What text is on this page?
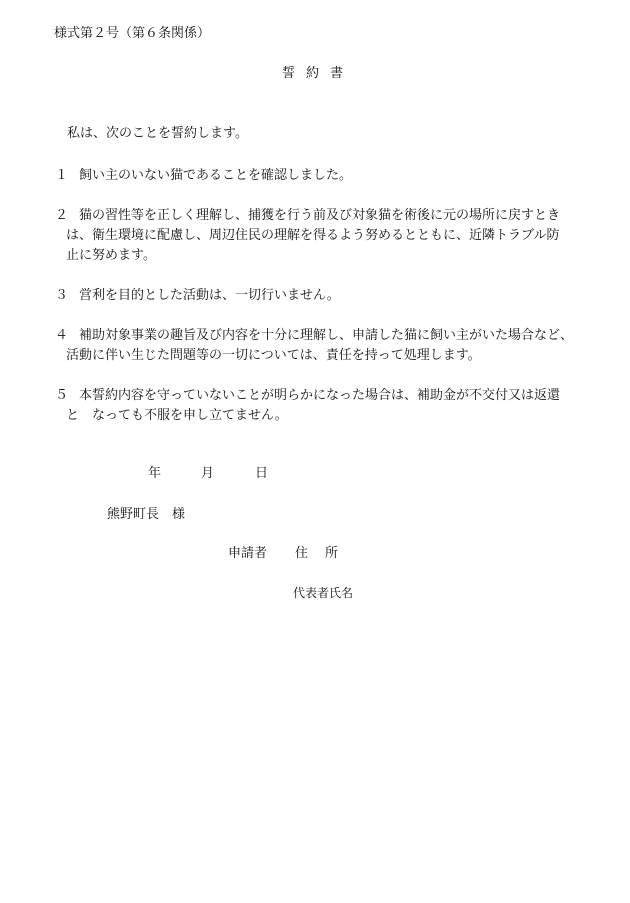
様式第２号（第６条関係）
誓約書
私は、次のことを誓約します。
１ 飼い主のいない猫であることを確認しました。
２ 猫の習性等を正しく理解し、捕獲を行う前及び対象猫を術後に元の場所に戻すとき
は、衛生環境に配慮し、周辺住民の理解を得るよう努めるとともに、近隣トラブル防
止に努めます。
３ 営利を目的とした活動は、一切行いません。
４ 補助対象事業の趣旨及び内容を十分に理解し、申請した猫に飼い主がいた場合など、
活動に伴い生じた問題等の一切については、責任を持って処理します。
５ 本誓約内容を守っていないことが明らかになった場合は、補助金が不交付又は返還
と　なっても不服を申し立てません。
年	月	日
熊野町長 様
申請者 住所
代表者氏名
